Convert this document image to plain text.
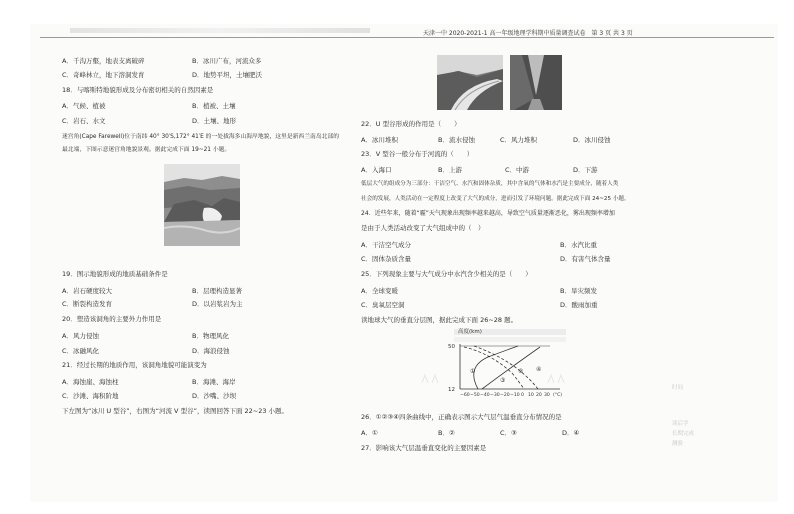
天津一中 2020-2021-1 高一年级地理学科期中质量调查试卷　第 3 页 共 3 页
A．千沟万壑，地表支离破碎	B．冰川广布，河流众多
C．奇峰林立，地下溶洞发育	D．地势平坦，土壤肥沃
18．与喀斯特地貌形成及分布密切相关的自然因素是
A．气候、植被	B．植被、土壤
C．岩石、水文	D．土壤、地形
迷宫角(Cape Farewell)位于南纬 40° 30′S,172° 41′E 的一处拔海多山海岸地貌，这里是新西兰南岛北部的
最北端，下图示意迷宫角地貌景观。据此完成下面 19~21 小题。
19．图示地貌形成的地质基础条件是
A．岩石硬度较大	B．层理构造显著
C．断裂构造发育	D．以岩浆岩为主
20．塑造该洞角的主要外力作用是
A．风力侵蚀	B．物理风化
C．冰融风化	D．海浪侵蚀
21．经过长期的地质作用，该洞角地貌可能演变为
A．海蚀崖、海蚀柱	B．海滩、海岸
C．沙滩、海积阶地	D．沙嘴、沙坝
下左图为“冰川 U 型谷”，右图为“河流 V 型谷”，读图回答下面 22~23 小题。
22．U 型谷形成的作用是（　　）
A．冰川堆积	B．流水侵蚀	C．风力堆积	D．冰川侵蚀
23．V 型谷一般分布于河流的（　　）
A．入海口	B．上游	C．中游	D．下游
低层大气的组成分为三部分：干洁空气、水汽和固体杂质，其中含氧的气体和水汽是主要成分，随着人类
社会的发展，人类活动在一定程度上改变了大气的成分，进而引发了环境问题。据此完成下面 24~25 小题。
24．近些年来，随着“霾”天气现象出现频率越来越高，导致空气质量逐渐恶化，雾出现频率增加
是由于人类活动改变了大气组成中的（　）
A．干洁空气成分	B．水汽比重
C．固体杂质含量	D．有害气体含量
25．下列现象主要与大气成分中水汽含少相关的是（　　）
A．全球变暖	B．旱灾频发
C．臭氧层空洞	D．酸雨加重
读地球大气的垂直分层图，据此完成下面 26~28 题。
高度(km)
50
12
①	②
③
④
−60 −50 −40 −30 −20 −10 0 10 20 30 (°C)
26．①②③④四条曲线中，正确表示图示大气层气温垂直分布情况的是
A．①	B．②	C．③	D．④
27．影响该大气层温垂直变化的主要因素是
时间
读后学
长期完成
测验
